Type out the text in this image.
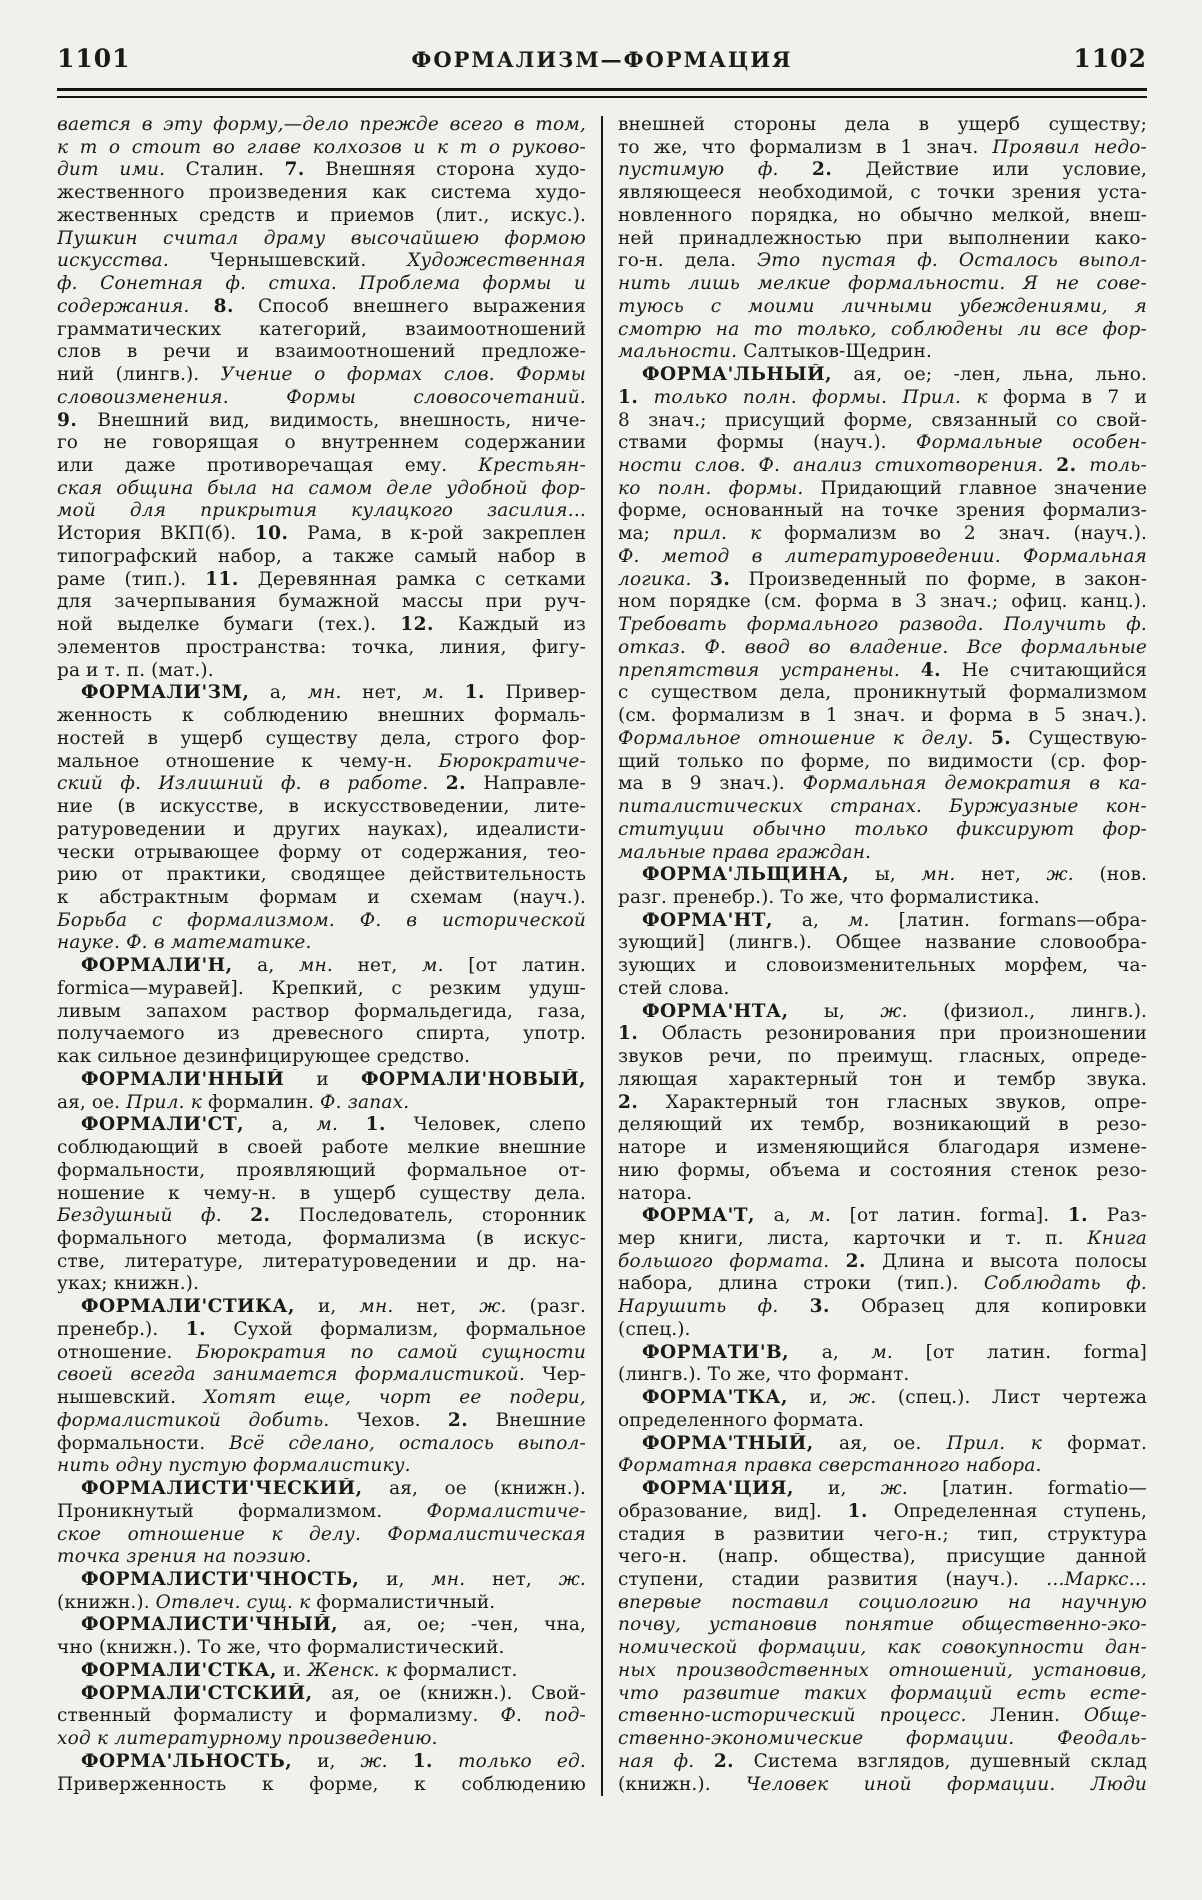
1101	ФОРМАЛИЗМ—ФОРМАЦИЯ	1102
вается в эту форму,—дело прежде всего в том,
к т о стоит во главе колхозов и к т о руково-
дит ими. Сталин. 7. Внешняя сторона худо-
жественного произведения как система худо-
жественных средств и приемов (лит., искус.).
Пушкин считал драму высочайшею формою
искусства. Чернышевский. Художественная
ф. Сонетная ф. стиха. Проблема формы и
содержания. 8. Способ внешнего выражения
грамматических категорий, взаимоотношений
слов в речи и взаимоотношений предложе-
ний (лингв.). Учение о формах слов. Формы
словоизменения. Формы словосочетаний.
9. Внешний вид, видимость, внешность, ниче-
го не говорящая о внутреннем содержании
или даже противоречащая ему. Крестьян-
ская община была на самом деле удобной фор-
мой для прикрытия кулацкого засилия...
История ВКП(б). 10. Рама, в к-рой закреплен
типографский набор, а также самый набор в
раме (тип.). 11. Деревянная рамка с сетками
для зачерпывания бумажной массы при руч-
ной выделке бумаги (тех.). 12. Каждый из
элементов пространства: точка, линия, фигу-
ра и т. п. (мат.).
ФОРМАЛИ'ЗМ, а, мн. нет, м. 1. Привер-
женность к соблюдению внешних формаль-
ностей в ущерб существу дела, строго фор-
мальное отношение к чему-н. Бюрократиче-
ский ф. Излишний ф. в работе. 2. Направле-
ние (в искусстве, в искусствоведении, лите-
ратуроведении и других науках), идеалисти-
чески отрывающее форму от содержания, тео-
рию от практики, сводящее действительность
к абстрактным формам и схемам (науч.).
Борьба с формализмом. Ф. в исторической
науке. Ф. в математике.
ФОРМАЛИ'Н, а, мн. нет, м. [от латин.
formica—муравей]. Крепкий, с резким удуш-
ливым запахом раствор формальдегида, газа,
получаемого из древесного спирта, употр.
как сильное дезинфицирующее средство.
ФОРМАЛИ'ННЫЙ и ФОРМАЛИ'НОВЫЙ,
ая, ое. Прил. к формалин. Ф. запах.
ФОРМАЛИ'СТ, а, м. 1. Человек, слепо
соблюдающий в своей работе мелкие внешние
формальности, проявляющий формальное от-
ношение к чему-н. в ущерб существу дела.
Бездушный ф. 2. Последователь, сторонник
формального метода, формализма (в искус-
стве, литературе, литературоведении и др. на-
уках; книжн.).
ФОРМАЛИ'СТИКА, и, мн. нет, ж. (разг.
пренебр.). 1. Сухой формализм, формальное
отношение. Бюрократия по самой сущности
своей всегда занимается формалистикой. Чер-
нышевский. Хотят еще, чорт ее подери,
формалистикой добить. Чехов. 2. Внешние
формальности. Всё сделано, осталось выпол-
нить одну пустую формалистику.
ФОРМАЛИСТИ'ЧЕСКИЙ, ая, ое (книжн.).
Проникнутый формализмом. Формалистиче-
ское отношение к делу. Формалистическая
точка зрения на поэзию.
ФОРМАЛИСТИ'ЧНОСТЬ, и, мн. нет, ж.
(книжн.). Отвлеч. сущ. к формалистичный.
ФОРМАЛИСТИ'ЧНЫЙ, ая, ое; -чен, чна,
чно (книжн.). То же, что формалистический.
ФОРМАЛИ'СТКА, и. Женск. к формалист.
ФОРМАЛИ'СТСКИЙ, ая, ое (книжн.). Свой-
ственный формалисту и формализму. Ф. под-
ход к литературному произведению.
ФОРМА'ЛЬНОСТЬ, и, ж. 1. только ед.
Приверженность к форме, к соблюдению
внешней стороны дела в ущерб существу;
то же, что формализм в 1 знач. Проявил недо-
пустимую ф. 2. Действие или условие,
являющееся необходимой, с точки зрения уста-
новленного порядка, но обычно мелкой, внеш-
ней принадлежностью при выполнении како-
го-н. дела. Это пустая ф. Осталось выпол-
нить лишь мелкие формальности. Я не сове-
туюсь с моими личными убеждениями, я
смотрю на то только, соблюдены ли все фор-
мальности. Салтыков-Щедрин.
ФОРМА'ЛЬНЫЙ, ая, ое; -лен, льна, льно.
1. только полн. формы. Прил. к форма в 7 и
8 знач.; присущий форме, связанный со свой-
ствами формы (науч.). Формальные особен-
ности слов. Ф. анализ стихотворения. 2. толь-
ко полн. формы. Придающий главное значение
форме, основанный на точке зрения формализ-
ма; прил. к формализм во 2 знач. (науч.).
Ф. метод в литературоведении. Формальная
логика. 3. Произведенный по форме, в закон-
ном порядке (см. форма в 3 знач.; офиц. канц.).
Требовать формального развода. Получить ф.
отказ. Ф. ввод во владение. Все формальные
препятствия устранены. 4. Не считающийся
с существом дела, проникнутый формализмом
(см. формализм в 1 знач. и форма в 5 знач.).
Формальное отношение к делу. 5. Существую-
щий только по форме, по видимости (ср. фор-
ма в 9 знач.). Формальная демократия в ка-
питалистических странах. Буржуазные кон-
ституции обычно только фиксируют фор-
мальные права граждан.
ФОРМА'ЛЬЩИНА, ы, мн. нет, ж. (нов.
разг. пренебр.). То же, что формалистика.
ФОРМА'НТ, а, м. [латин. formans—обра-
зующий] (лингв.). Общее название словообра-
зующих и словоизменительных морфем, ча-
стей слова.
ФОРМА'НТА, ы, ж. (физиол., лингв.).
1. Область резонирования при произношении
звуков речи, по преимущ. гласных, опреде-
ляющая характерный тон и тембр звука.
2. Характерный тон гласных звуков, опре-
деляющий их тембр, возникающий в резо-
наторе и изменяющийся благодаря измене-
нию формы, объема и состояния стенок резо-
натора.
ФОРМА'Т, а, м. [от латин. forma]. 1. Раз-
мер книги, листа, карточки и т. п. Книга
большого формата. 2. Длина и высота полосы
набора, длина строки (тип.). Соблюдать ф.
Нарушить ф. 3. Образец для копировки
(спец.).
ФОРМАТИ'В, а, м. [от латин. forma]
(лингв.). То же, что формант.
ФОРМА'ТКА, и, ж. (спец.). Лист чертежа
определенного формата.
ФОРМА'ТНЫЙ, ая, ое. Прил. к формат.
Форматная правка сверстанного набора.
ФОРМА'ЦИЯ, и, ж. [латин. formatio—
образование, вид]. 1. Определенная ступень,
стадия в развитии чего-н.; тип, структура
чего-н. (напр. общества), присущие данной
ступени, стадии развития (науч.). ...Маркс...
впервые поставил социологию на научную
почву, установив понятие общественно-эко-
номической формации, как совокупности дан-
ных производственных отношений, установив,
что развитие таких формаций есть есте-
ственно-исторический процесс. Ленин. Обще-
ственно-экономические формации. Феодаль-
ная ф. 2. Система взглядов, душевный склад
(книжн.). Человек иной формации. Люди
